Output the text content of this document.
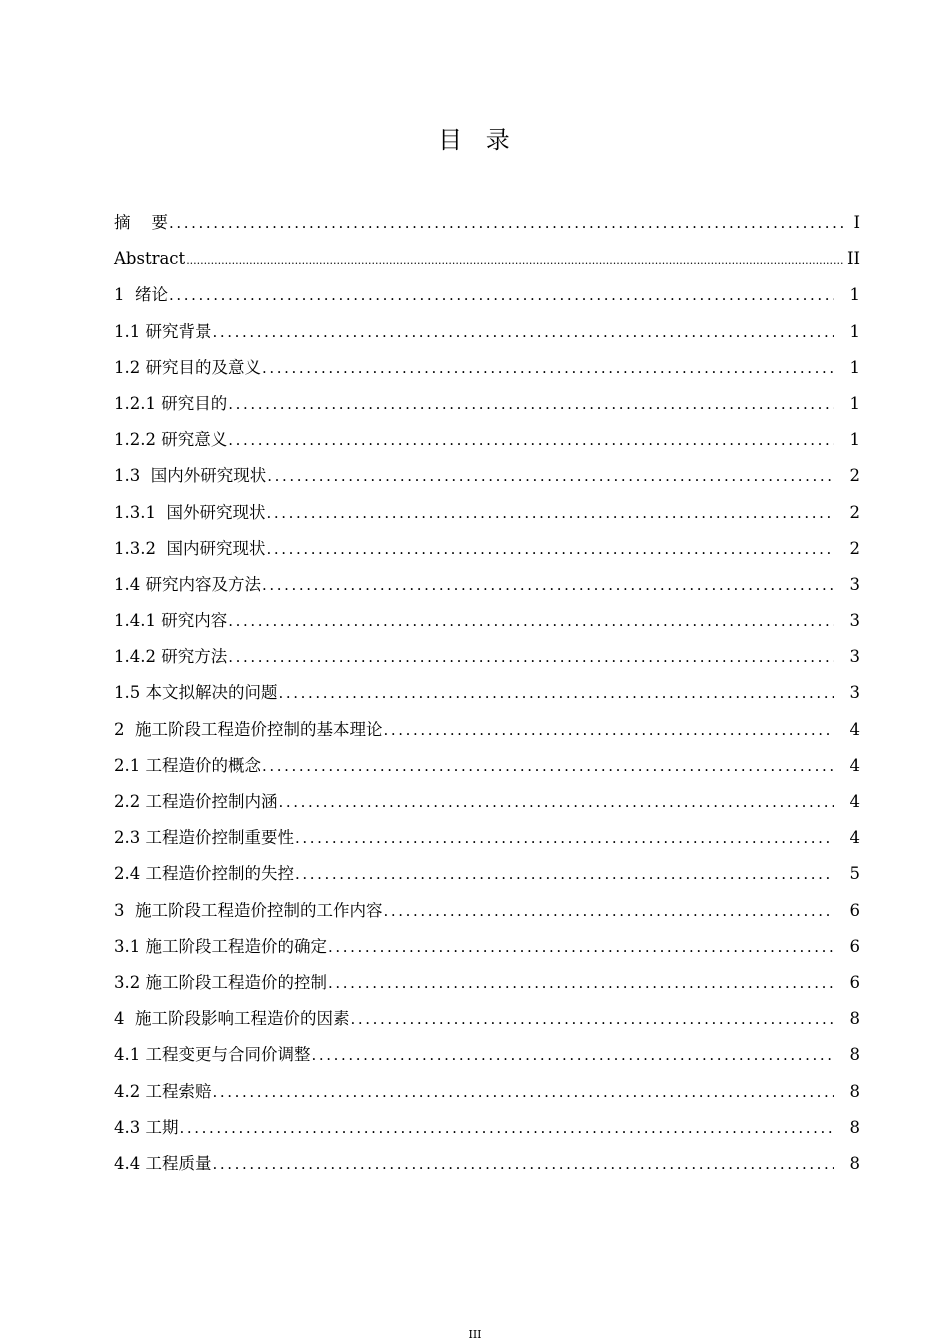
目 录
摘    要 .....	I
Abstract .....	II
1  绪论 .....	1
1.1 研究背景 .....	1
1.2 研究目的及意义 .....	1
1.2.1 研究目的 .....	1
1.2.2 研究意义 .....	1
1.3  国内外研究现状 .....	2
1.3.1  国外研究现状 .....	2
1.3.2  国内研究现状 .....	2
1.4 研究内容及方法 .....	3
1.4.1 研究内容 .....	3
1.4.2 研究方法 .....	3
1.5 本文拟解决的问题 .....	3
2  施工阶段工程造价控制的基本理论 .....	4
2.1 工程造价的概念 .....	4
2.2 工程造价控制内涵 .....	4
2.3 工程造价控制重要性 .....	4
2.4 工程造价控制的失控 .....	5
3  施工阶段工程造价控制的工作内容 .....	6
3.1 施工阶段工程造价的确定 .....	6
3.2 施工阶段工程造价的控制 .....	6
4  施工阶段影响工程造价的因素 .....	8
4.1 工程变更与合同价调整 .....	8
4.2 工程索赔 .....	8
4.3 工期 .....	8
4.4 工程质量 .....	8
III
